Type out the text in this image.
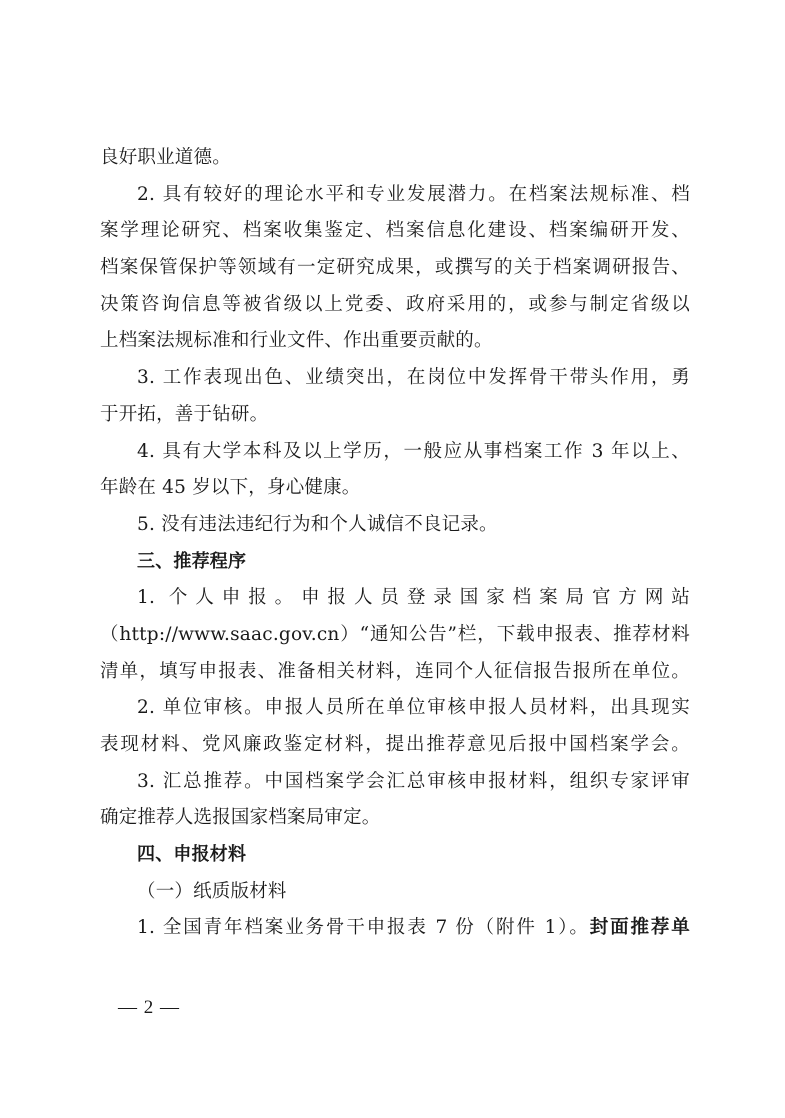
良好职业道德。
2. 具有较好的理论水平和专业发展潜力。在档案法规标准、档
案学理论研究、档案收集鉴定、档案信息化建设、档案编研开发、
档案保管保护等领域有一定研究成果，或撰写的关于档案调研报告、
决策咨询信息等被省级以上党委、政府采用的，或参与制定省级以
上档案法规标准和行业文件、作出重要贡献的。
3. 工作表现出色、业绩突出，在岗位中发挥骨干带头作用，勇
于开拓，善于钻研。
4. 具有大学本科及以上学历，一般应从事档案工作 3 年以上、
年龄在 45 岁以下，身心健康。
5. 没有违法违纪行为和个人诚信不良记录。
三、推荐程序
1. 个人申报。申报人员登录国家档案局官方网站
（http://www.saac.gov.cn）“通知公告”栏，下载申报表、推荐材料
清单，填写申报表、准备相关材料，连同个人征信报告报所在单位。
2. 单位审核。申报人员所在单位审核申报人员材料，出具现实
表现材料、党风廉政鉴定材料，提出推荐意见后报中国档案学会。
3. 汇总推荐。中国档案学会汇总审核申报材料，组织专家评审
确定推荐人选报国家档案局审定。
四、申报材料
（一）纸质版材料
1. 全国青年档案业务骨干申报表 7 份（附件 1）。封面推荐单
— 2 —
